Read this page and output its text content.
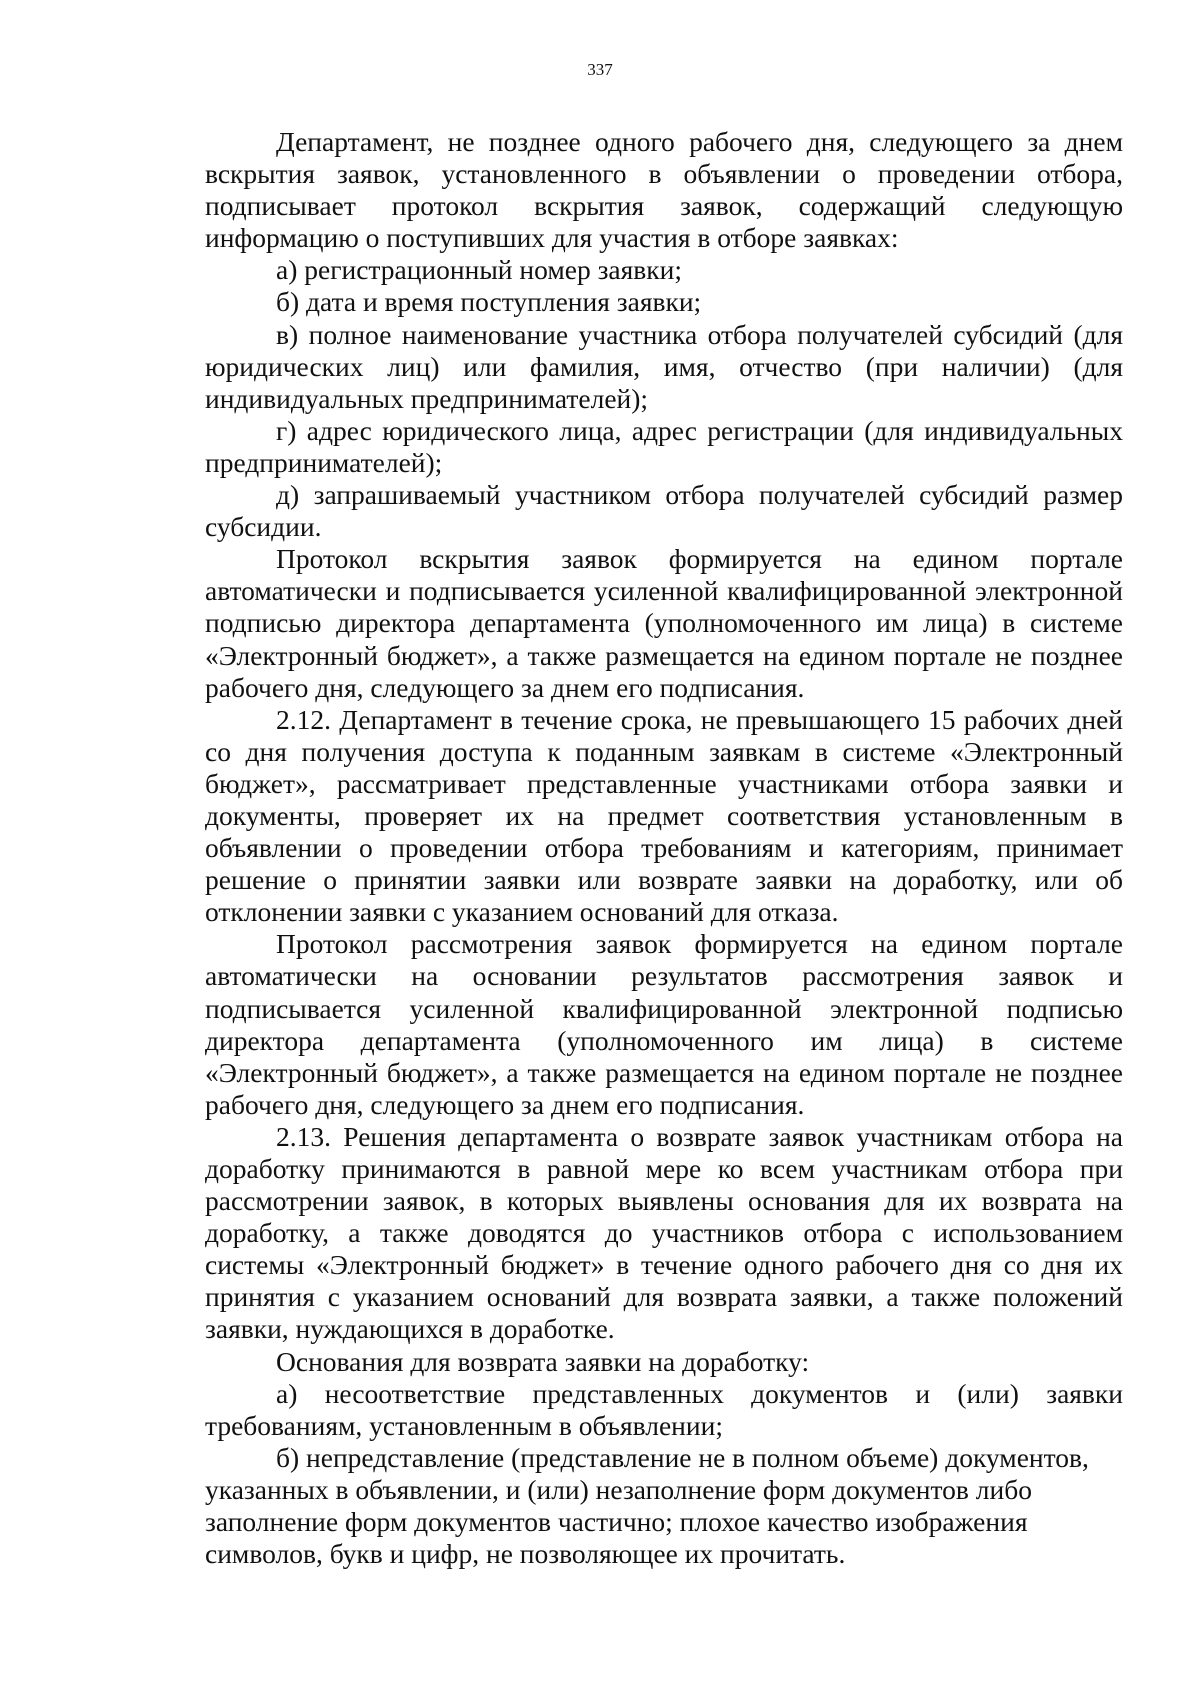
337

Департамент, не позднее одного рабочего дня, следующего за днем вскрытия заявок, установленного в объявлении о проведении отбора, подписывает протокол вскрытия заявок, содержащий следующую информацию о поступивших для участия в отборе заявках:

а) регистрационный номер заявки;

б) дата и время поступления заявки;

в) полное наименование участника отбора получателей субсидий (для юридических лиц) или фамилия, имя, отчество (при наличии) (для индивидуальных предпринимателей);

г) адрес юридического лица, адрес регистрации (для индивидуальных предпринимателей);

д) запрашиваемый участником отбора получателей субсидий размер субсидии.

Протокол вскрытия заявок формируется на едином портале автоматически и подписывается усиленной квалифицированной электронной подписью директора департамента (уполномоченного им лица) в системе «Электронный бюджет», а также размещается на едином портале не позднее рабочего дня, следующего за днем его подписания.

2.12. Департамент в течение срока, не превышающего 15 рабочих дней со дня получения доступа к поданным заявкам в системе «Электронный бюджет», рассматривает представленные участниками отбора заявки и документы, проверяет их на предмет соответствия установленным в объявлении о проведении отбора требованиям и категориям, принимает решение о принятии заявки или возврате заявки на доработку, или об отклонении заявки с указанием оснований для отказа.

Протокол рассмотрения заявок формируется на едином портале автоматически на основании результатов рассмотрения заявок и подписывается усиленной квалифицированной электронной подписью директора департамента (уполномоченного им лица) в системе «Электронный бюджет», а также размещается на едином портале не позднее рабочего дня, следующего за днем его подписания.

2.13. Решения департамента о возврате заявок участникам отбора на доработку принимаются в равной мере ко всем участникам отбора при рассмотрении заявок, в которых выявлены основания для их возврата на доработку, а также доводятся до участников отбора с использованием системы «Электронный бюджет» в течение одного рабочего дня со дня их принятия с указанием оснований для возврата заявки, а также положений заявки, нуждающихся в доработке.

Основания для возврата заявки на доработку:

а) несоответствие представленных документов и (или) заявки требованиям, установленным в объявлении;

б) непредставление (представление не в полном объеме) документов, указанных в объявлении, и (или) незаполнение форм документов либо заполнение форм документов частично; плохое качество изображения символов, букв и цифр, не позволяющее их прочитать.
